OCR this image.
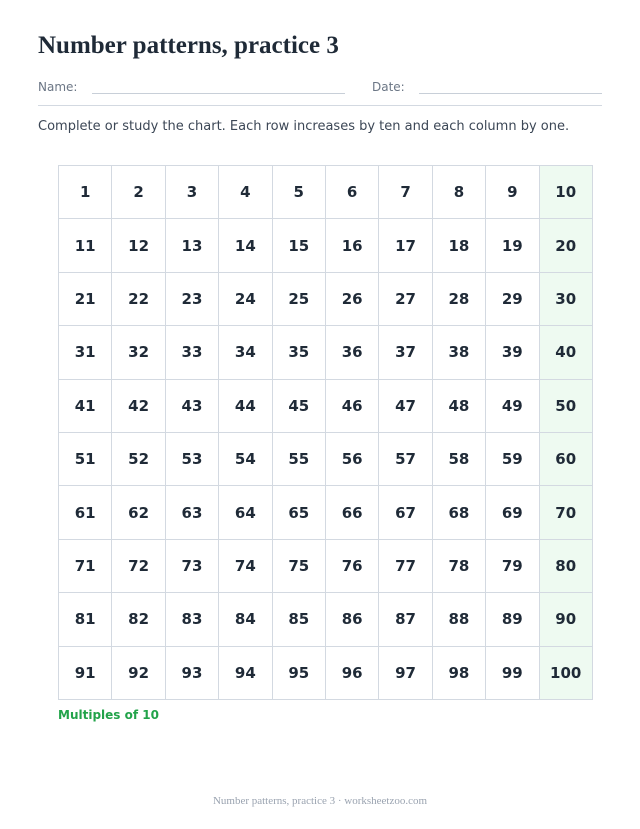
Number patterns, practice 3
Name:	Date:
Complete or study the chart. Each row increases by ten and each column by one.
1	2	3	4	5	6	7	8	9	10
11	12	13	14	15	16	17	18	19	20
21	22	23	24	25	26	27	28	29	30
31	32	33	34	35	36	37	38	39	40
41	42	43	44	45	46	47	48	49	50
51	52	53	54	55	56	57	58	59	60
61	62	63	64	65	66	67	68	69	70
71	72	73	74	75	76	77	78	79	80
81	82	83	84	85	86	87	88	89	90
91	92	93	94	95	96	97	98	99	100
Multiples of 10
Number patterns, practice 3 · worksheetzoo.com
